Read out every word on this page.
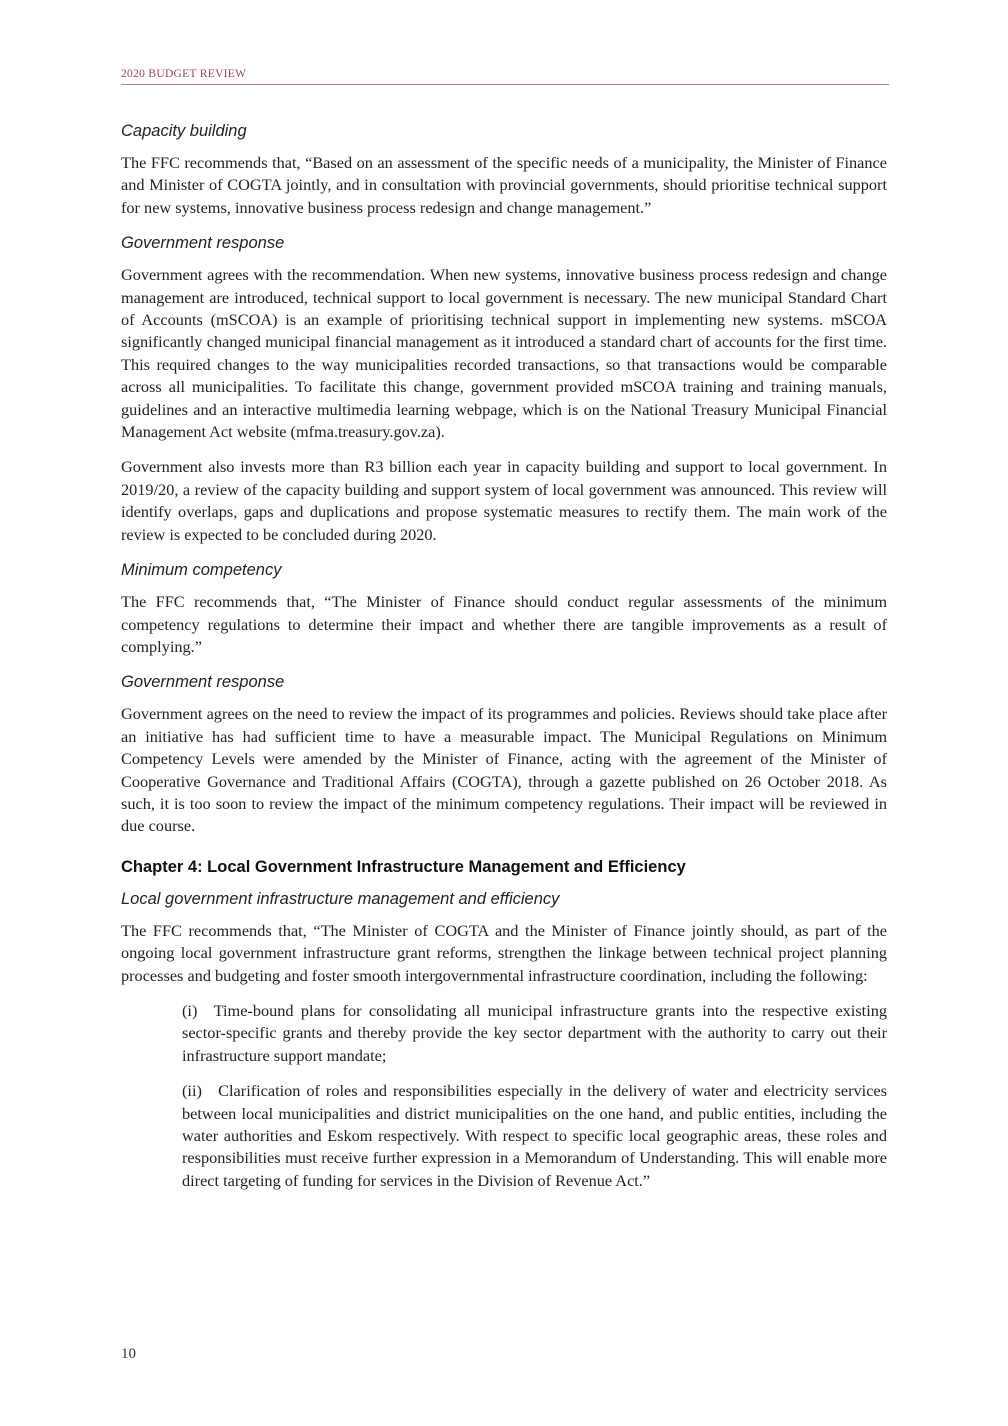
2020 BUDGET REVIEW
Capacity building

The FFC recommends that, “Based on an assessment of the specific needs of a municipality, the Minister of Finance and Minister of COGTA jointly, and in consultation with provincial governments, should prioritise technical support for new systems, innovative business process redesign and change management.”

Government response

Government agrees with the recommendation. When new systems, innovative business process redesign and change management are introduced, technical support to local government is necessary. The new municipal Standard Chart of Accounts (mSCOA) is an example of prioritising technical support in implementing new systems. mSCOA significantly changed municipal financial management as it introduced a standard chart of accounts for the first time. This required changes to the way municipalities recorded transactions, so that transactions would be comparable across all municipalities. To facilitate this change, government provided mSCOA training and training manuals, guidelines and an interactive multimedia learning webpage, which is on the National Treasury Municipal Financial Management Act website (mfma.treasury.gov.za).

Government also invests more than R3 billion each year in capacity building and support to local government. In 2019/20, a review of the capacity building and support system of local government was announced. This review will identify overlaps, gaps and duplications and propose systematic measures to rectify them. The main work of the review is expected to be concluded during 2020.

Minimum competency

The FFC recommends that, “The Minister of Finance should conduct regular assessments of the minimum competency regulations to determine their impact and whether there are tangible improvements as a result of complying.”

Government response

Government agrees on the need to review the impact of its programmes and policies. Reviews should take place after an initiative has had sufficient time to have a measurable impact. The Municipal Regulations on Minimum Competency Levels were amended by the Minister of Finance, acting with the agreement of the Minister of Cooperative Governance and Traditional Affairs (COGTA), through a gazette published on 26 October 2018. As such, it is too soon to review the impact of the minimum competency regulations. Their impact will be reviewed in due course.

Chapter 4: Local Government Infrastructure Management and Efficiency
Local government infrastructure management and efficiency

The FFC recommends that, “The Minister of COGTA and the Minister of Finance jointly should, as part of the ongoing local government infrastructure grant reforms, strengthen the linkage between technical project planning processes and budgeting and foster smooth intergovernmental infrastructure coordination, including the following:

(i) Time-bound plans for consolidating all municipal infrastructure grants into the respective existing sector-specific grants and thereby provide the key sector department with the authority to carry out their infrastructure support mandate;

(ii) Clarification of roles and responsibilities especially in the delivery of water and electricity services between local municipalities and district municipalities on the one hand, and public entities, including the water authorities and Eskom respectively. With respect to specific local geographic areas, these roles and responsibilities must receive further expression in a Memorandum of Understanding. This will enable more direct targeting of funding for services in the Division of Revenue Act.”

10
